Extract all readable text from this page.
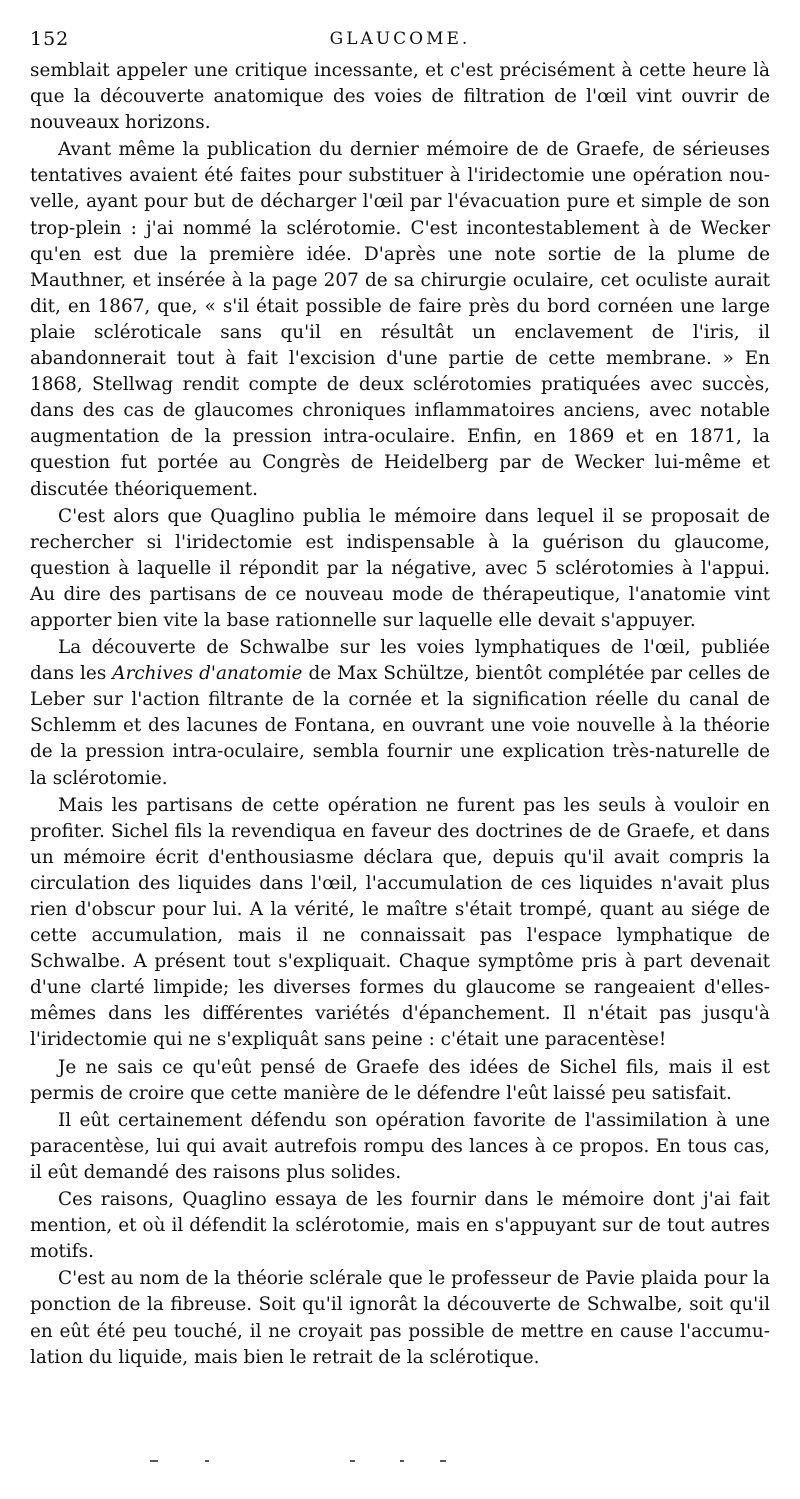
152	GLAUCOME.

semblait appeler une critique incessante, et c'est précisément à cette heure là que la découverte anatomique des voies de filtration de l'œil vint ouvrir de nouveaux horizons.

Avant même la publication du dernier mémoire de de Graefe, de sérieuses tentatives avaient été faites pour substituer à l'iridectomie une opération nouvelle, ayant pour but de décharger l'œil par l'évacuation pure et simple de son trop-plein : j'ai nommé la sclérotomie. C'est incontestablement à de Wecker qu'en est due la première idée. D'après une note sortie de la plume de Mauthner, et insérée à la page 207 de sa chirurgie oculaire, cet oculiste aurait dit, en 1867, que, « s'il était possible de faire près du bord cornéen une large plaie scléroticale sans qu'il en résultât un enclavement de l'iris, il abandonnerait tout à fait l'excision d'une partie de cette membrane. » En 1868, Stellwag rendit compte de deux sclérotomies pratiquées avec succès, dans des cas de glaucomes chroniques inflammatoires anciens, avec notable augmentation de la pression intra-oculaire. Enfin, en 1869 et en 1871, la question fut portée au Congrès de Heidelberg par de Wecker lui-même et discutée théoriquement.

C'est alors que Quaglino publia le mémoire dans lequel il se proposait de rechercher si l'iridectomie est indispensable à la guérison du glaucome, question à laquelle il répondit par la négative, avec 5 sclérotomies à l'appui. Au dire des partisans de ce nouveau mode de thérapeutique, l'anatomie vint apporter bien vite la base rationnelle sur laquelle elle devait s'appuyer.

La découverte de Schwalbe sur les voies lymphatiques de l'œil, publiée dans les Archives d'anatomie de Max Schültze, bientôt complétée par celles de Leber sur l'action filtrante de la cornée et la signification réelle du canal de Schlemm et des lacunes de Fontana, en ouvrant une voie nouvelle à la théorie de la pression intra-oculaire, sembla fournir une explication très-naturelle de la sclérotomie.

Mais les partisans de cette opération ne furent pas les seuls à vouloir en profiter. Sichel fils la revendiqua en faveur des doctrines de de Graefe, et dans un mémoire écrit d'enthousiasme déclara que, depuis qu'il avait compris la circulation des liquides dans l'œil, l'accumulation de ces liquides n'avait plus rien d'obscur pour lui. A la vérité, le maître s'était trompé, quant au siége de cette accumulation, mais il ne connaissait pas l'espace lymphatique de Schwalbe. A présent tout s'expliquait. Chaque symptôme pris à part devenait d'une clarté limpide; les diverses formes du glaucome se rangeaient d'elles-mêmes dans les différentes variétés d'épanchement. Il n'était pas jusqu'à l'iridectomie qui ne s'expliquât sans peine : c'était une paracentèse!

Je ne sais ce qu'eût pensé de Graefe des idées de Sichel fils, mais il est permis de croire que cette manière de le défendre l'eût laissé peu satisfait.

Il eût certainement défendu son opération favorite de l'assimilation à une paracentèse, lui qui avait autrefois rompu des lances à ce propos. En tous cas, il eût demandé des raisons plus solides.

Ces raisons, Quaglino essaya de les fournir dans le mémoire dont j'ai fait mention, et où il défendit la sclérotomie, mais en s'appuyant sur de tout autres motifs.

C'est au nom de la théorie sclérale que le professeur de Pavie plaida pour la ponction de la fibreuse. Soit qu'il ignorât la découverte de Schwalbe, soit qu'il en eût été peu touché, il ne croyait pas possible de mettre en cause l'accumulation du liquide, mais bien le retrait de la sclérotique.
